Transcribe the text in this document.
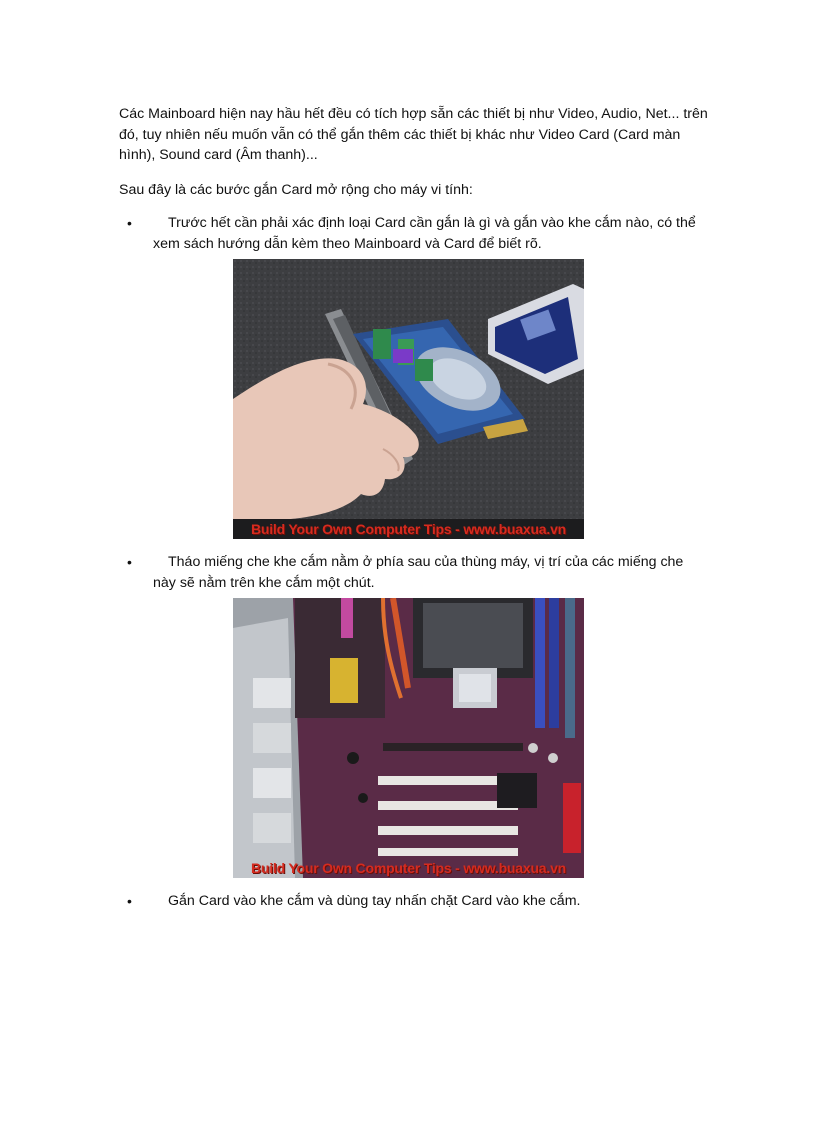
Các Mainboard hiện nay hầu hết đều có tích hợp sẵn các thiết bị như Video, Audio, Net... trên đó, tuy nhiên nếu muốn vẫn có thể gắn thêm các thiết bị khác như Video Card (Card màn hình), Sound card (Âm thanh)...

Sau đây là các bước gắn Card mở rộng cho máy vi tính:

•	Trước hết cần phải xác định loại Card cần gắn là gì và gắn vào khe cắm nào, có thể xem sách hướng dẫn kèm theo Mainboard và Card để biết rõ.
Build Your Own Computer Tips - www.buaxua.vn
•	Tháo miếng che khe cắm nằm ở phía sau của thùng máy, vị trí của các miếng che này sẽ nằm trên khe cắm một chút.
Build Your Own Computer Tips - www.buaxua.vn
•	Gắn Card vào khe cắm và dùng tay nhấn chặt Card vào khe cắm.
